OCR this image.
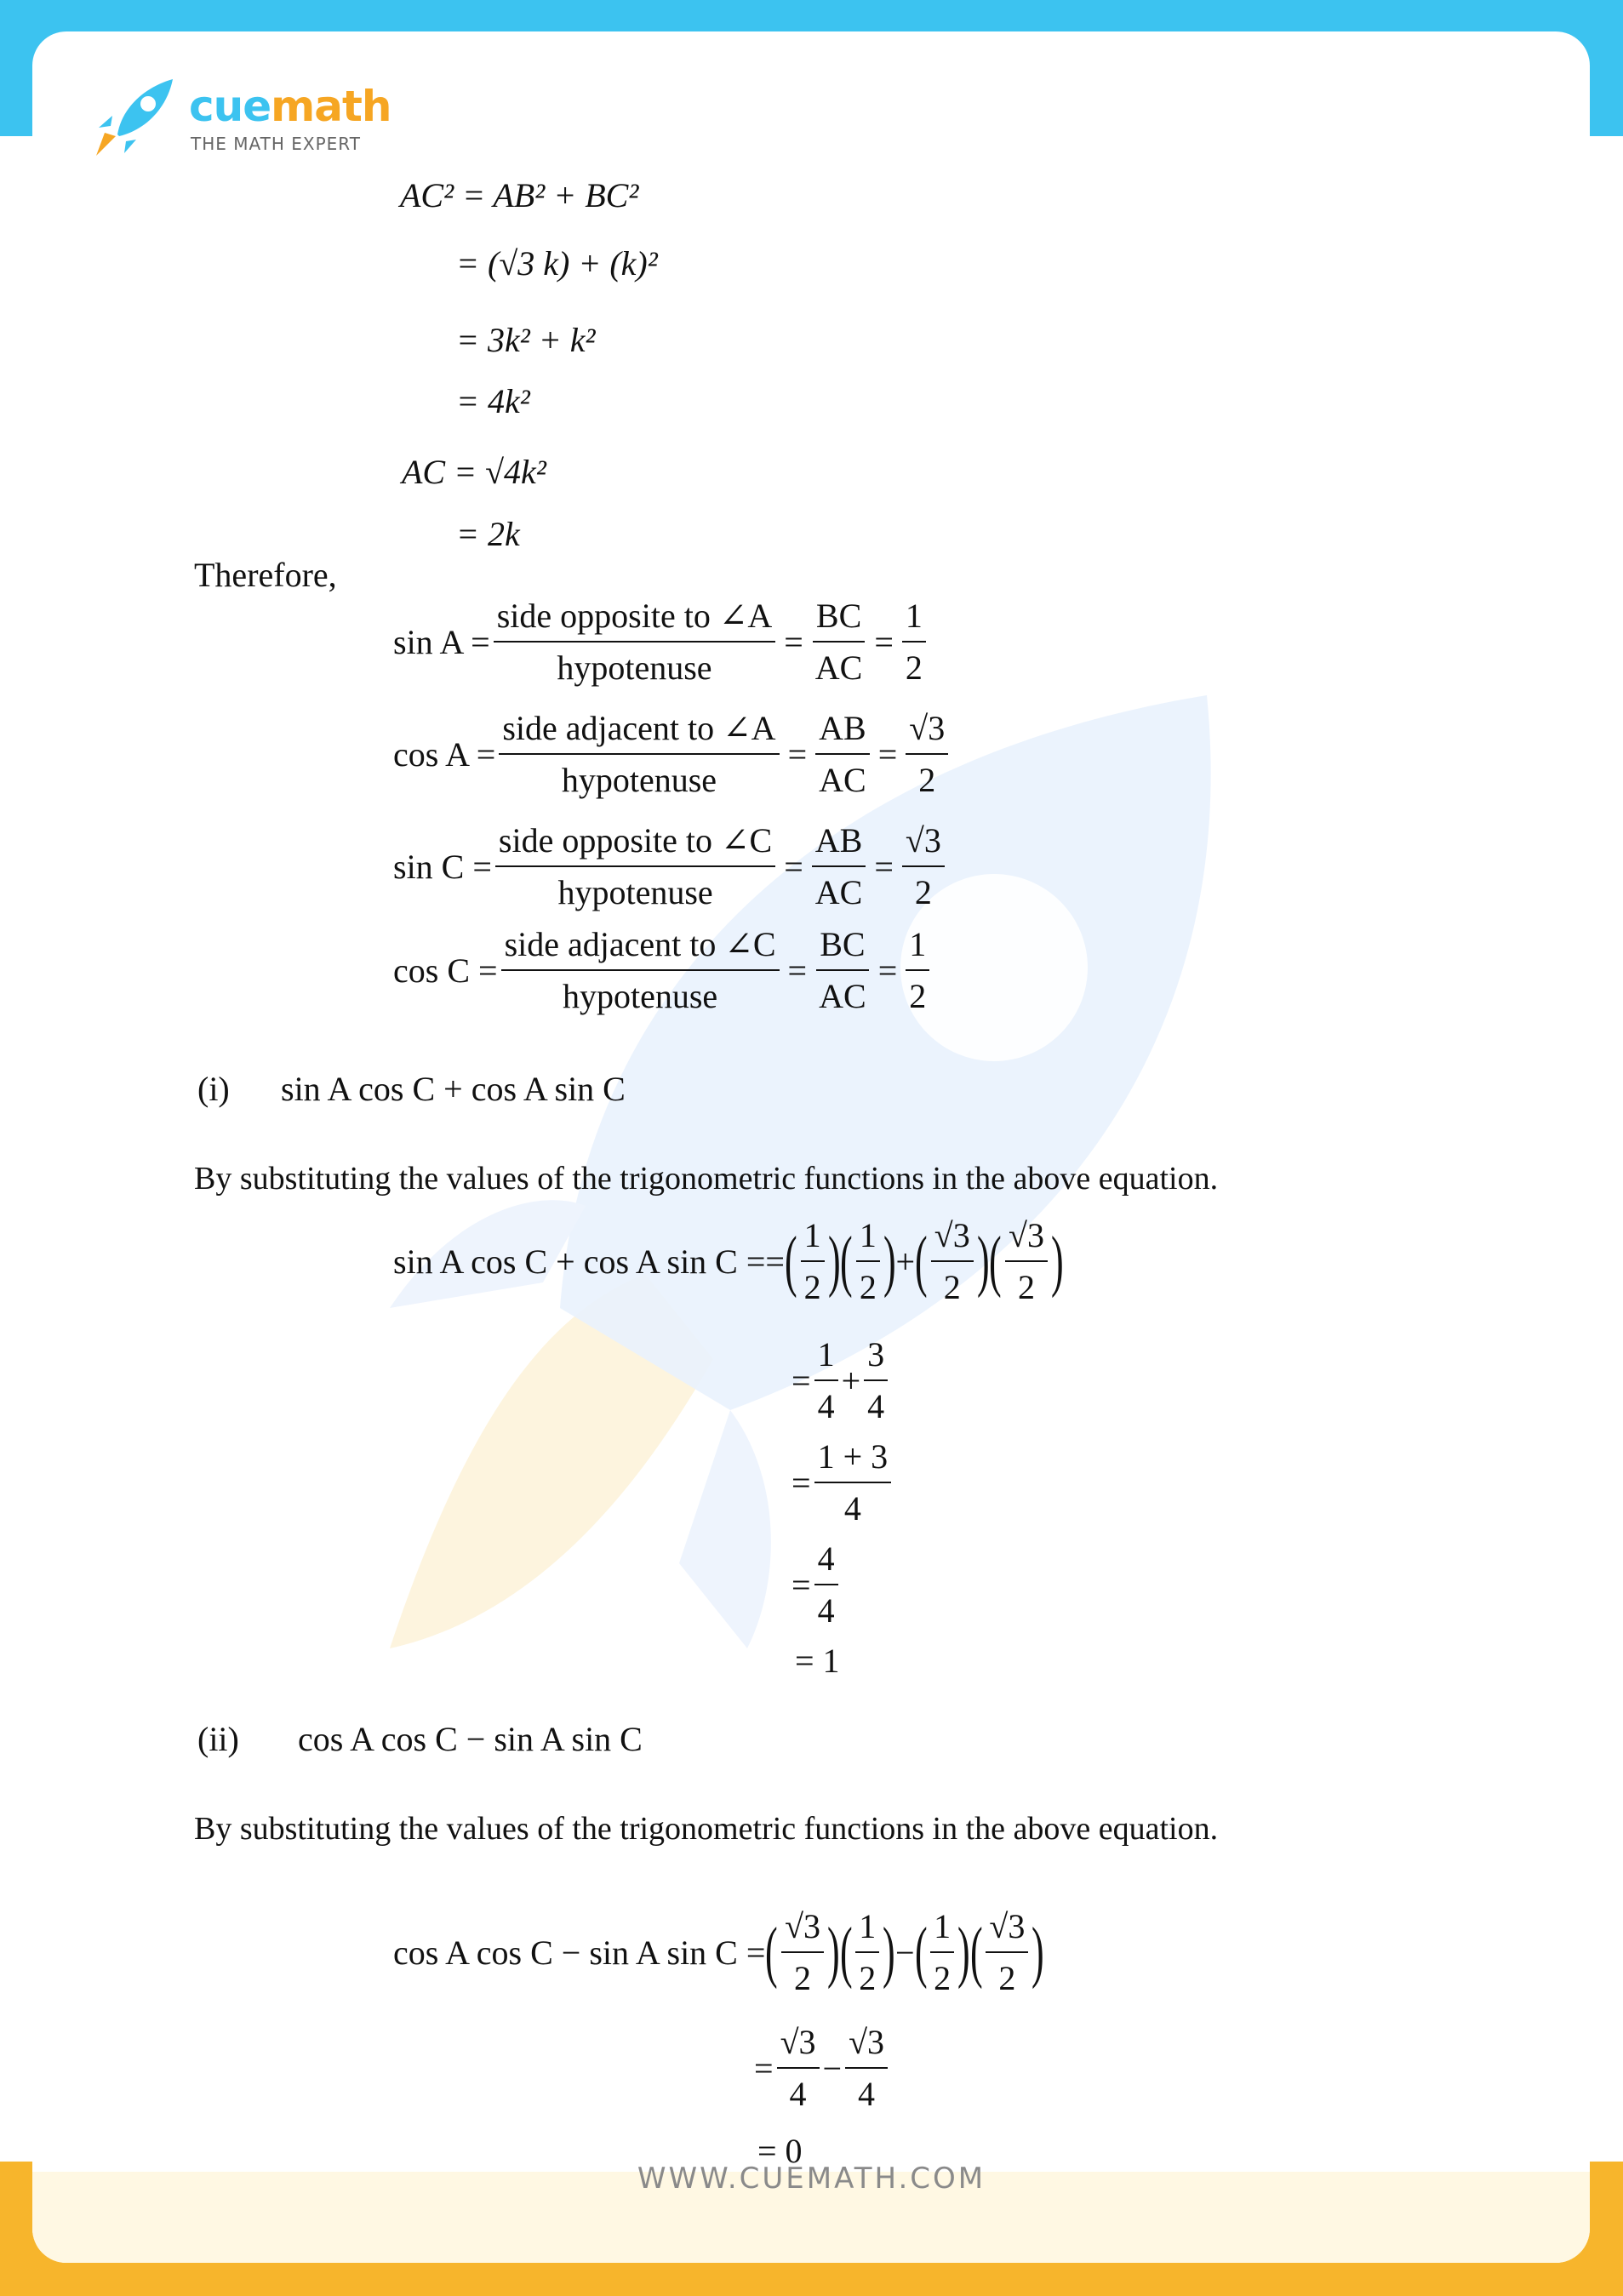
cuemath
THE MATH EXPERT
AC² = AB² + BC²
= (√3 k) + (k)²
= 3k² + k²
= 4k²
AC = √4k²
= 2k
Therefore,
sin A =
side opposite to ∠A
hypotenuse
= $\frac{BC}{AC} = \frac{1}{2}$
cos A =
side adjacent to ∠A
hypotenuse
= $\frac{AB}{AC} = \frac{√3}{2}$
sin C =
side opposite to ∠C
hypotenuse
= $\frac{AB}{AC} = \frac{√3}{2}$
cos C =
side adjacent to ∠C
hypotenuse
= $\frac{BC}{AC} = \frac{1}{2}$
(i) sin A cos C + cos A sin C
By substituting the values of the trigonometric functions in the above equation.
sin A cos C + cos A sin C == ( $\frac{1}{2}$ ) ( $\frac{1}{2}$ ) + ( $\frac{√3}{2}$ ) ( $\frac{√3}{2}$ )
= $\frac{1}{4} + \frac{3}{4}$
= $\frac{1 + 3}{4}$
= $\frac{4}{4}$
= 1
(ii) cos A cos C − sin A sin C
By substituting the values of the trigonometric functions in the above equation.
cos A cos C − sin A sin C = ( $\frac{√3}{2}$ ) ( $\frac{1}{2}$ ) − ( $\frac{1}{2}$ ) ( $\frac{√3}{2}$ )
= $\frac{√3}{4} - \frac{√3}{4}$
= 0
WWW.CUEMATH.COM
